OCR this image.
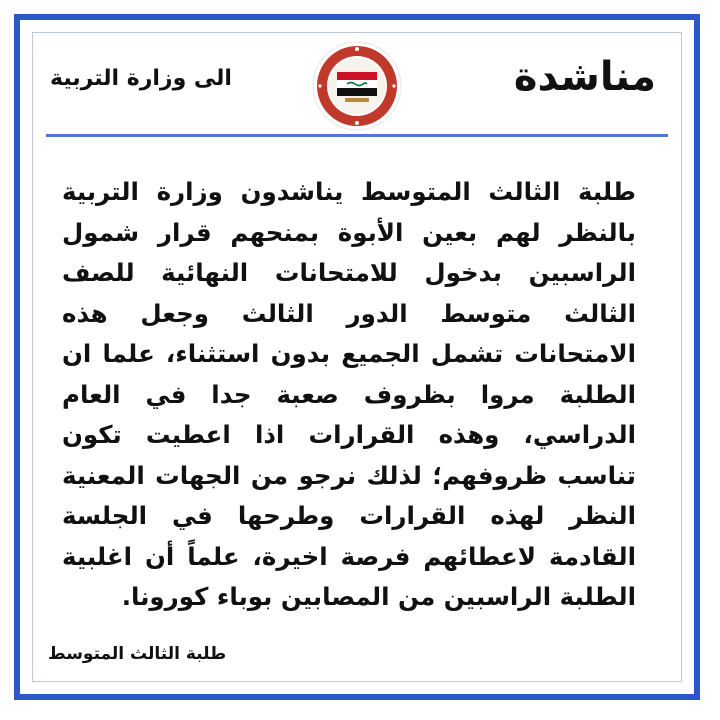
مناشدة
الى وزارة التربية
طلبة الثالث المتوسط يناشدون وزارة التربية بالنظر لهم بعين الأبوة بمنحهم قرار شمول الراسبين بدخول للامتحانات النهائية للصف الثالث متوسط الدور الثالث وجعل هذه الامتحانات تشمل الجميع بدون استثناء، علما ان الطلبة مروا بظروف صعبة جدا في العام الدراسي، وهذه القرارات اذا اعطيت تكون تناسب ظروفهم؛ لذلك نرجو من الجهات المعنية النظر لهذه القرارات وطرحها في الجلسة القادمة لاعطائهم فرصة اخيرة، علماً أن اغلبية الطلبة الراسبين من المصابين بوباء كورونا.
طلبة الثالث المتوسط
